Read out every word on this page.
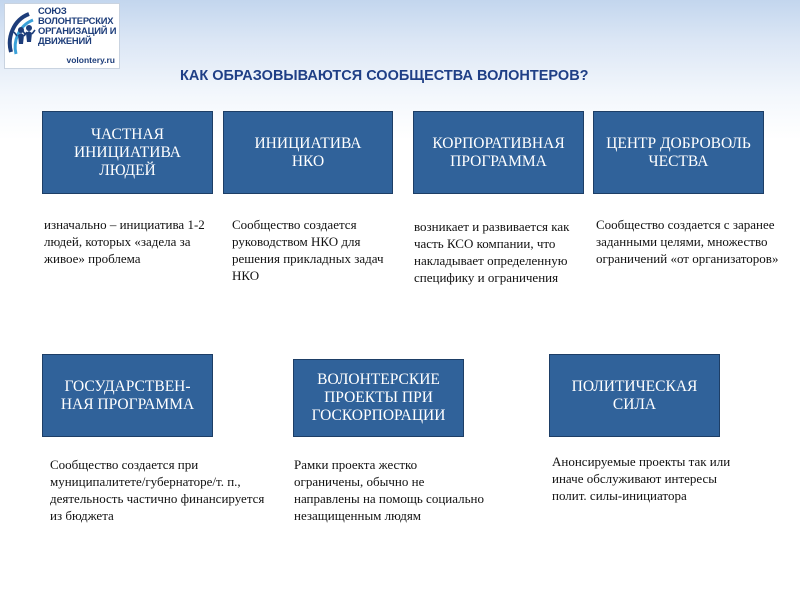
СОЮЗ ВОЛОНТЕРСКИХ ОРГАНИЗАЦИЙ И ДВИЖЕНИЙ
volontery.ru
КАК ОБРАЗОВЫВАЮТСЯ СООБЩЕСТВА ВОЛОНТЕРОВ?
ЧАСТНАЯ ИНИЦИАТИВА ЛЮДЕЙ
изначально – инициатива 1-2 людей, которых «задела за живое» проблема
ИНИЦИАТИВА НКО
Сообщество создается руководством НКО для решения прикладных задач НКО
КОРПОРАТИВНАЯ ПРОГРАММА
возникает и развивается как часть КСО компании, что накладывает определенную специфику и ограничения
ЦЕНТР ДОБРОВОЛЬЧЕСТВА
Сообщество создается с заранее заданными целями, множество ограничений «от организаторов»
ГОСУДАРСТВЕН-НАЯ ПРОГРАММА
Сообщество создается при муниципалитете/губернаторе/т. п., деятельность частично финансируется из бюджета
ВОЛОНТЕРСКИЕ ПРОЕКТЫ ПРИ ГОСКОРПОРАЦИИ
Рамки проекта жестко ограничены, обычно не направлены на помощь социально незащищенным людям
ПОЛИТИЧЕСКАЯ СИЛА
Анонсируемые проекты так или иначе обслуживают интересы полит. силы-инициатора
